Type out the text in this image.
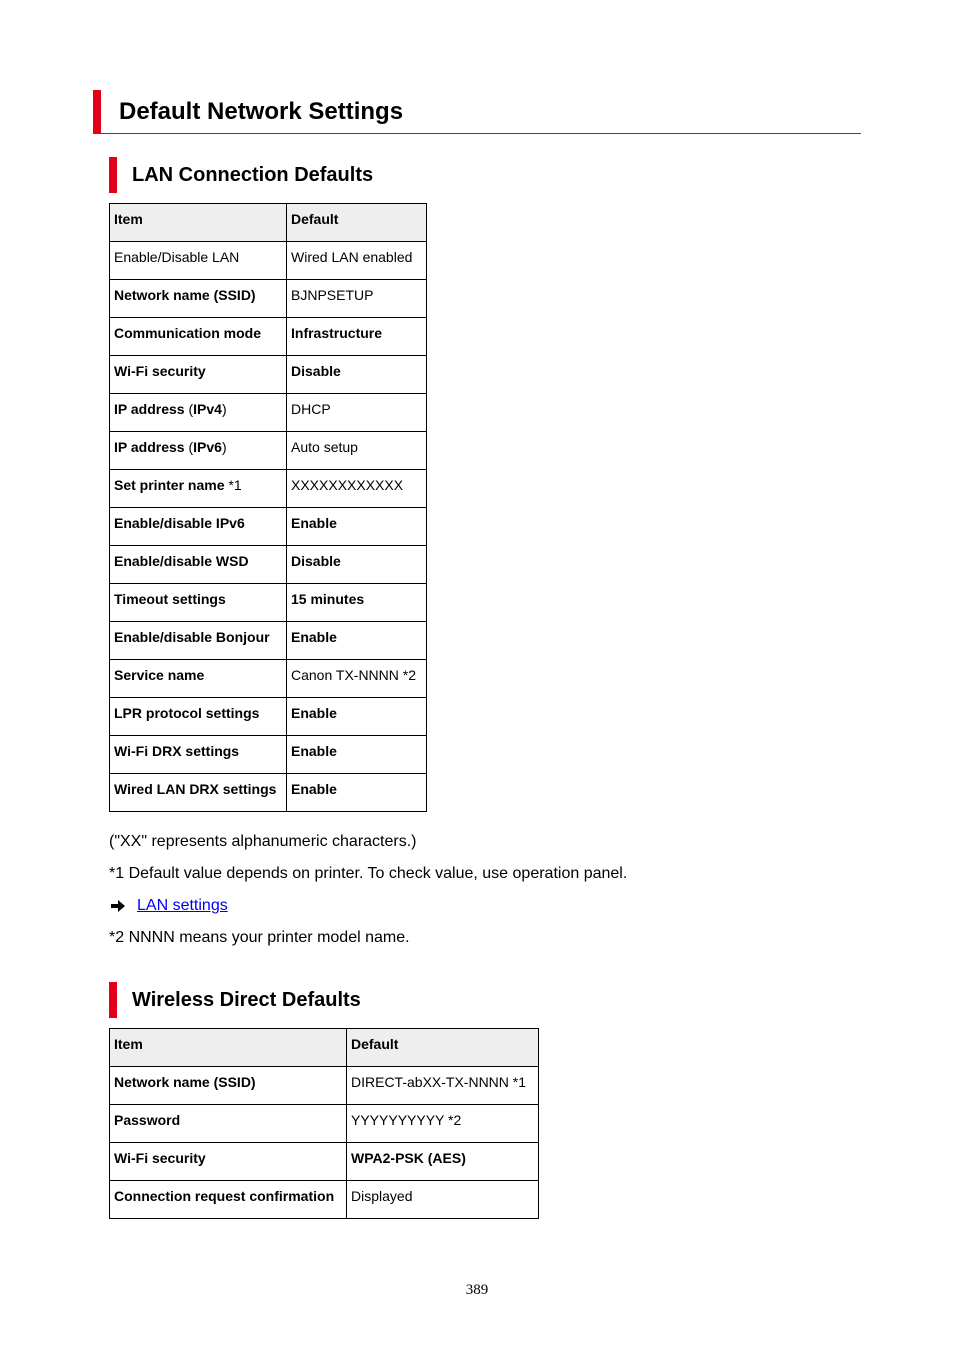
Default Network Settings
LAN Connection Defaults
Item	Default
Enable/Disable LAN	Wired LAN enabled
Network name (SSID)	BJNPSETUP
Communication mode	Infrastructure
Wi-Fi security	Disable
IP address (IPv4)	DHCP
IP address (IPv6)	Auto setup
Set printer name *1	XXXXXXXXXXXX
Enable/disable IPv6	Enable
Enable/disable WSD	Disable
Timeout settings	15 minutes
Enable/disable Bonjour	Enable
Service name	Canon TX-NNNN *2
LPR protocol settings	Enable
Wi-Fi DRX settings	Enable
Wired LAN DRX settings	Enable
("XX" represents alphanumeric characters.)
*1 Default value depends on printer. To check value, use operation panel.
LAN settings
*2 NNNN means your printer model name.
Wireless Direct Defaults
Item	Default
Network name (SSID)	DIRECT-abXX-TX-NNNN *1
Password	YYYYYYYYYY *2
Wi-Fi security	WPA2-PSK (AES)
Connection request confirmation	Displayed
389
